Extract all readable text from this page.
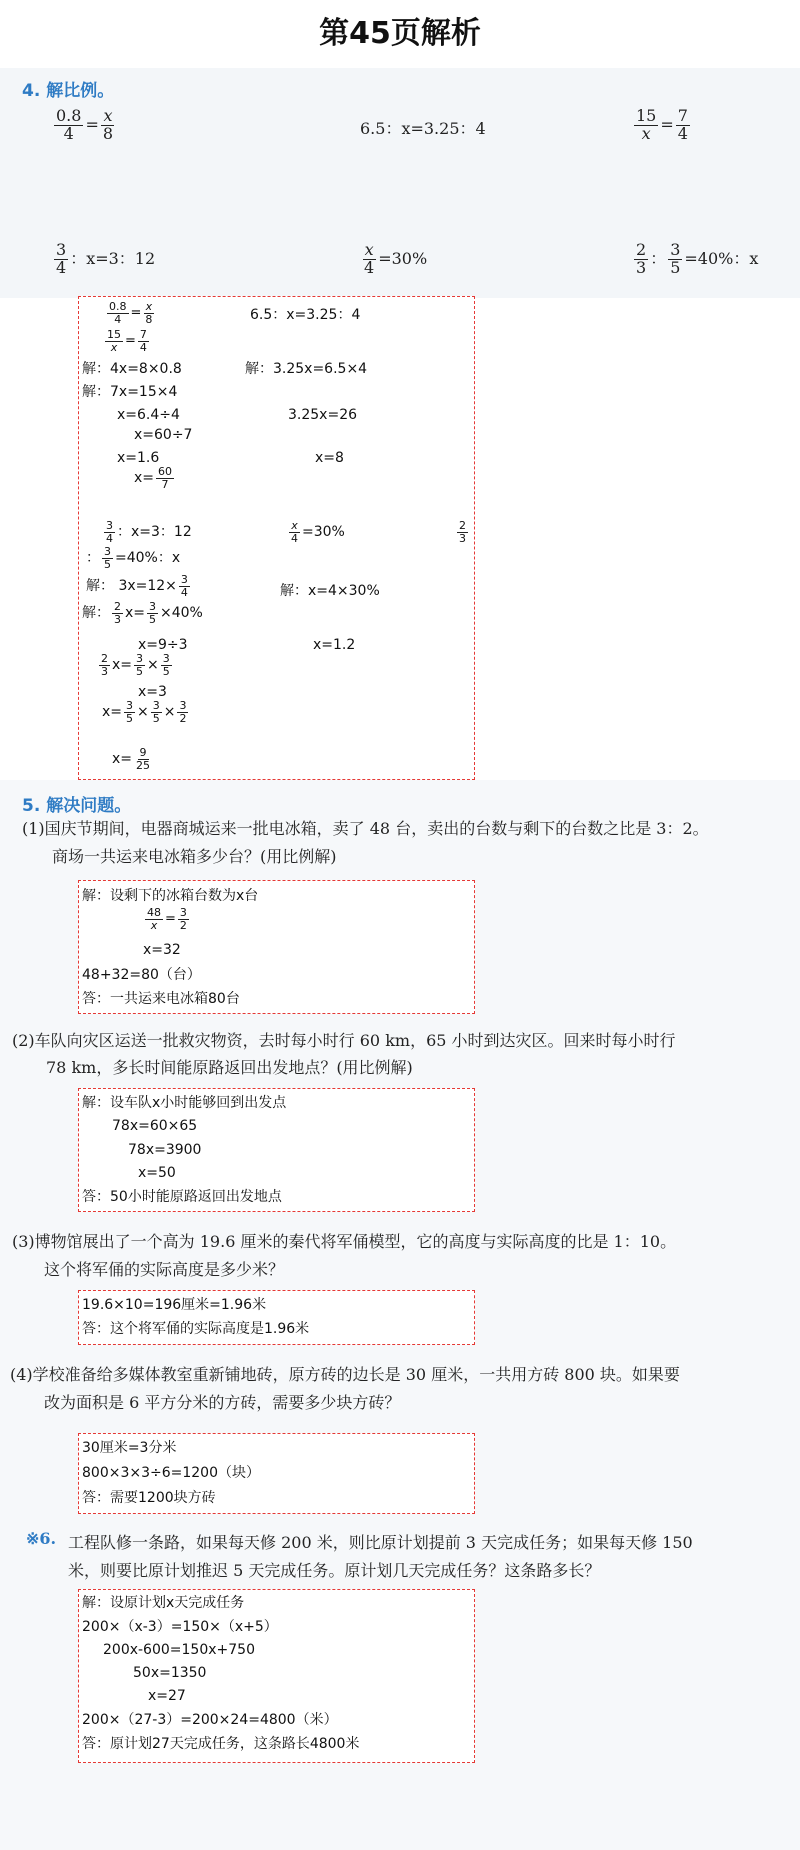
第45页解析
4. 解比例。
$\frac{0.8}{4} = \frac{x}{8}$	6.5：x=3.25：4	$\frac{15}{x} = \frac{7}{4}$
$\frac{3}{4}$ ：x=3：12	$\frac{x}{4} =30\%$	$\frac{2}{3}$ ： $\frac{3}{5} =40\%$：x
$\frac{0.8}{4} = \frac{x}{8}$	6.5：x=3.25：4
$\frac{15}{x} = \frac{7}{4}$
解：4x=8×0.8	解：3.25x=6.5×4
解：7x=15×4
x=6.4÷4	3.25x=26
x=60÷7
x=1.6	x=8
$x= \frac{60}{7}$
$\frac{3}{4}$ ：x=3：12	$\frac{x}{4} =30\%$	$\frac{2}{3}$
： $\frac{3}{5} =40\%$：x
解： $3x=12\times \frac{3}{4}$	解：x=4×30%
解： $\frac{2}{3} x= \frac{3}{5} \times 40\%$
x=9÷3	x=1.2
$\frac{2}{3} x= \frac{3}{5} \times \frac{3}{5}$
x=3
$x= \frac{3}{5} \times \frac{3}{5} \times \frac{3}{2}$
$x= \frac{9}{25}$
5. 解决问题。
(1)国庆节期间，电器商城运来一批电冰箱，卖了 48 台，卖出的台数与剩下的台数之比是 3：2。
商场一共运来电冰箱多少台？(用比例解)
解：设剩下的冰箱台数为x台
$\frac{48}{x} = \frac{3}{2}$
x=32
48+32=80（台）
答：一共运来电冰箱80台
(2)车队向灾区运送一批救灾物资，去时每小时行 60 km，65 小时到达灾区。回来时每小时行
78 km，多长时间能原路返回出发地点？(用比例解)
解：设车队x小时能够回到出发点
78x=60×65
78x=3900
x=50
答：50小时能原路返回出发地点
(3)博物馆展出了一个高为 19.6 厘米的秦代将军俑模型，它的高度与实际高度的比是 1：10。
这个将军俑的实际高度是多少米？
19.6×10=196厘米=1.96米
答：这个将军俑的实际高度是1.96米
(4)学校准备给多媒体教室重新铺地砖，原方砖的边长是 30 厘米，一共用方砖 800 块。如果要
改为面积是 6 平方分米的方砖，需要多少块方砖？
30厘米=3分米
800×3×3÷6=1200（块）
答：需要1200块方砖
※6. 工程队修一条路，如果每天修 200 米，则比原计划提前 3 天完成任务；如果每天修 150
米，则要比原计划推迟 5 天完成任务。原计划几天完成任务？这条路多长？
解：设原计划x天完成任务
200×（x-3）=150×（x+5）
200x-600=150x+750
50x=1350
x=27
200×（27-3）=200×24=4800（米）
答：原计划27天完成任务，这条路长4800米
